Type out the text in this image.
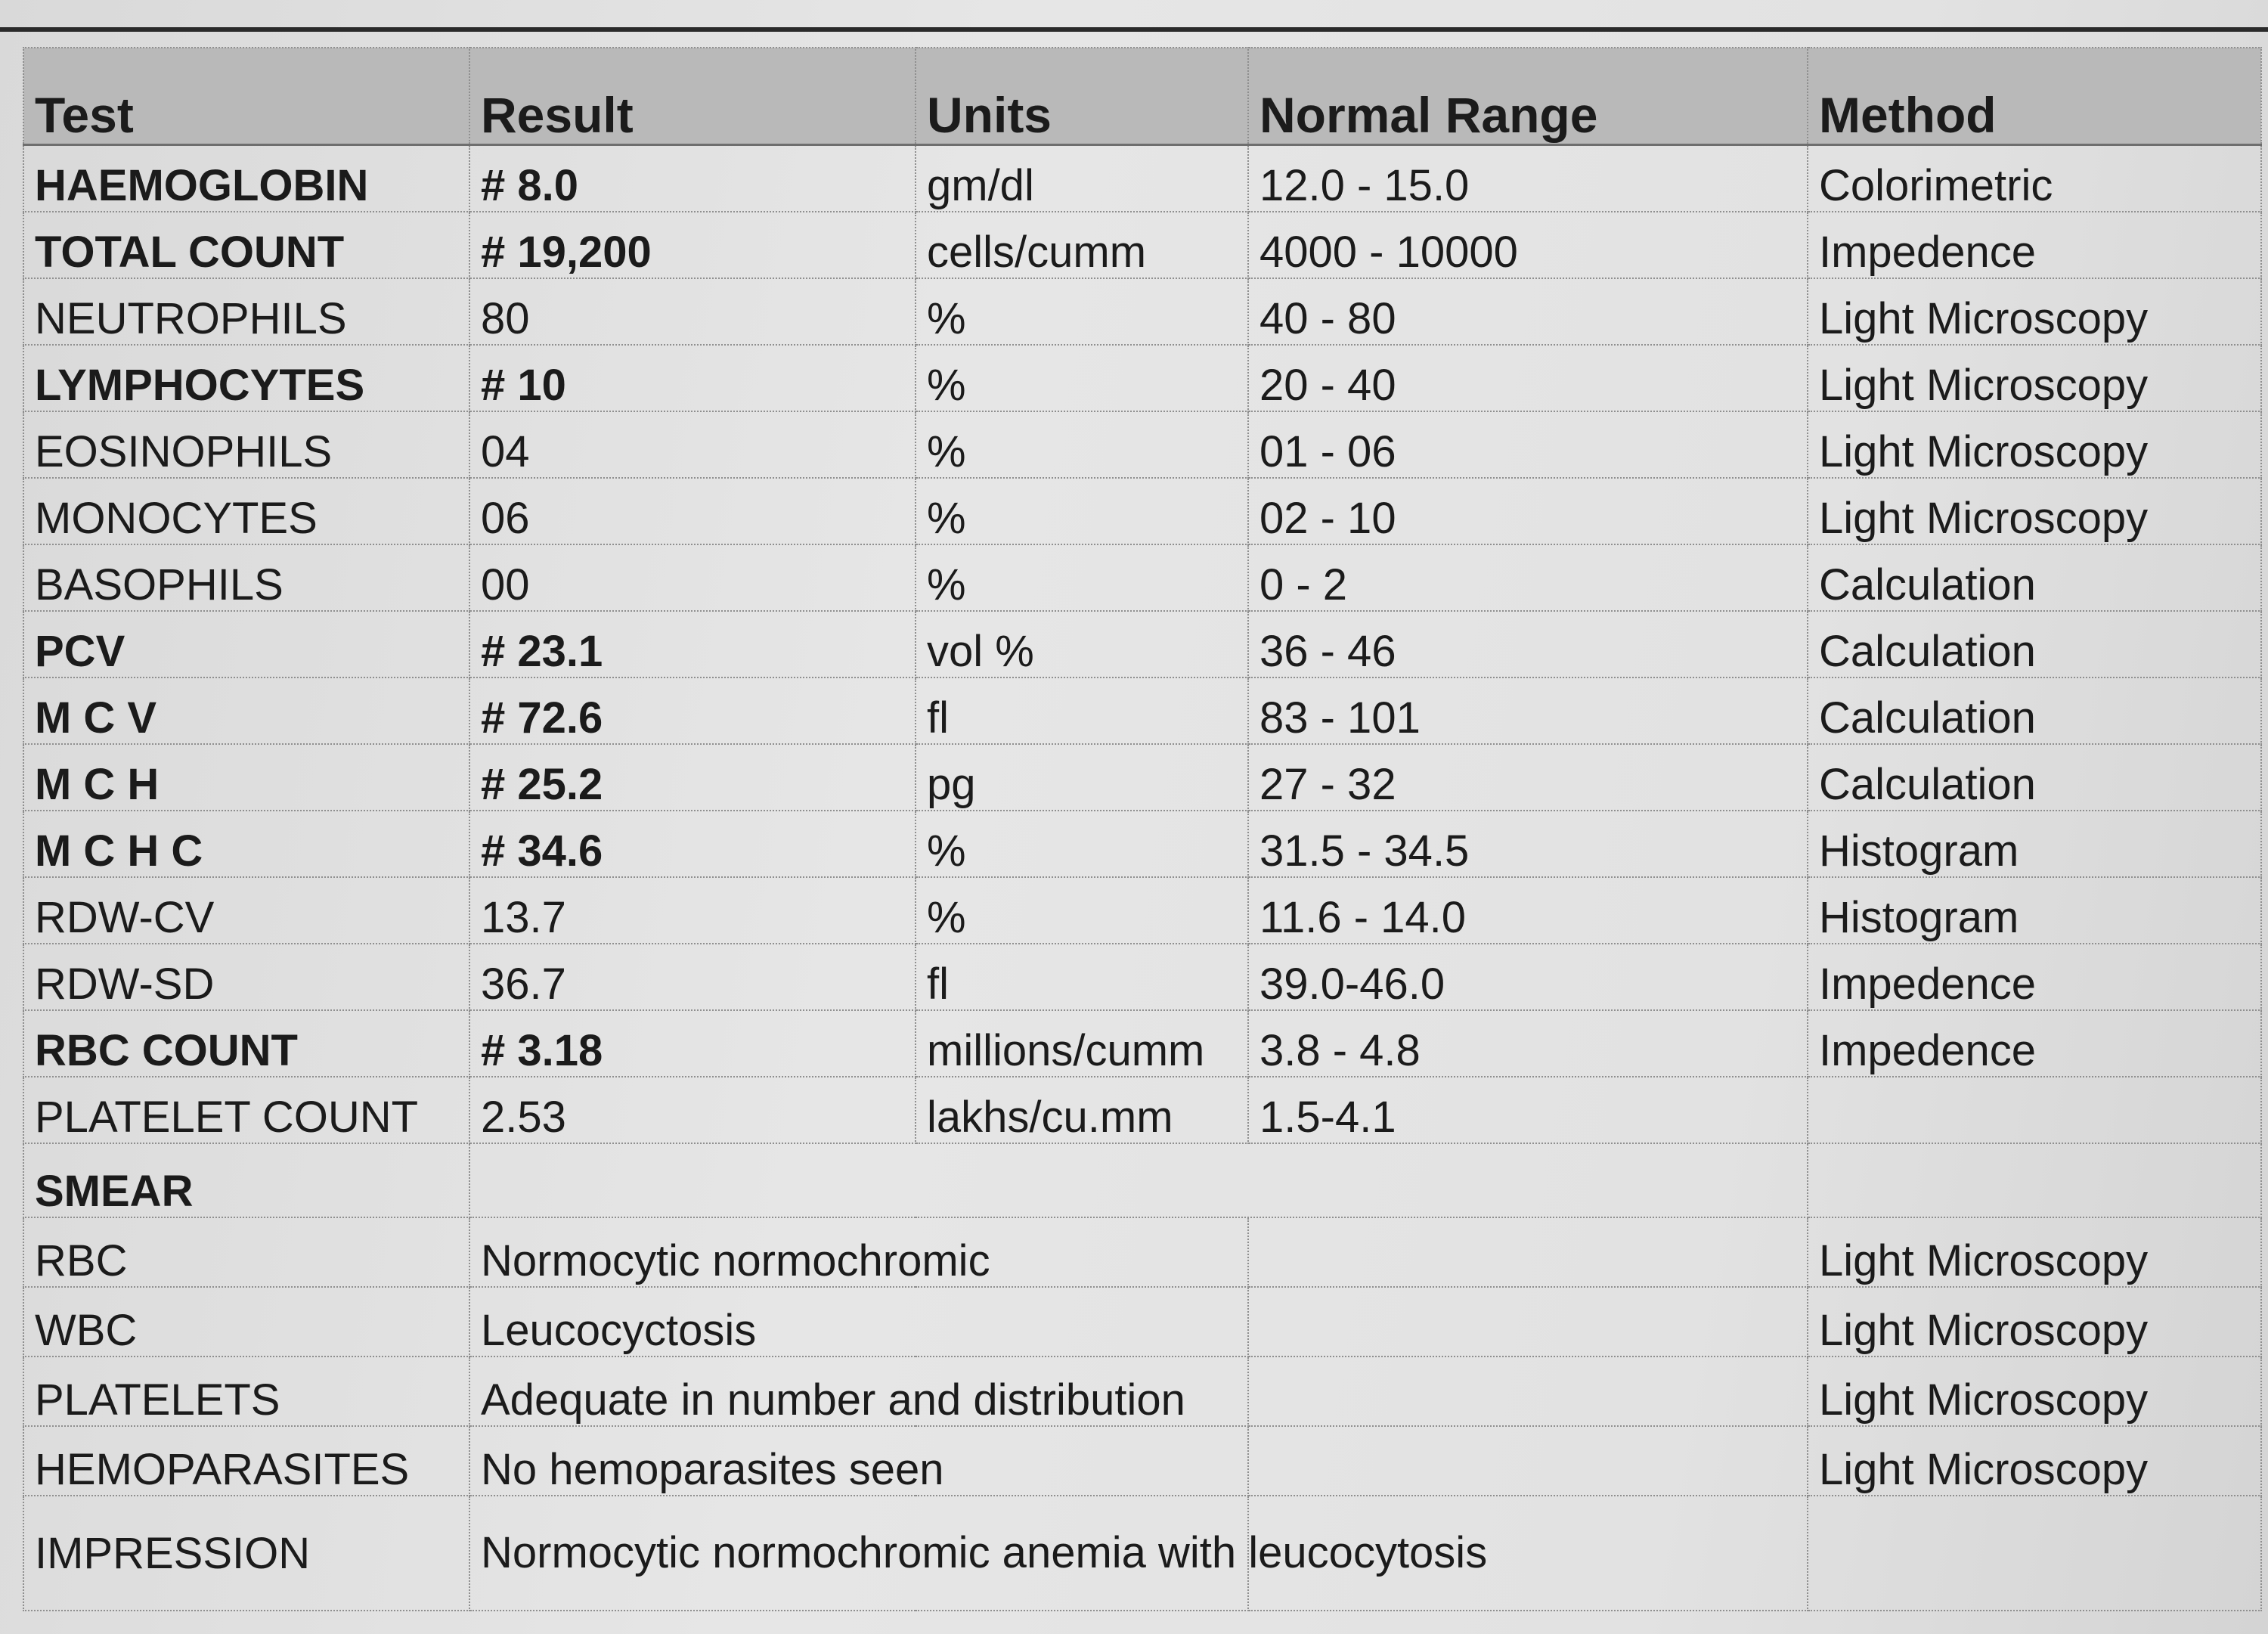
Test	Result	Units	Normal Range	Method
HAEMOGLOBIN	# 8.0	gm/dl	12.0 - 15.0	Colorimetric
TOTAL COUNT	# 19,200	cells/cumm	4000 - 10000	Impedence
NEUTROPHILS	80	%	40 - 80	Light Microscopy
LYMPHOCYTES	# 10	%	20 - 40	Light Microscopy
EOSINOPHILS	04	%	01 - 06	Light Microscopy
MONOCYTES	06	%	02 - 10	Light Microscopy
BASOPHILS	00	%	0 - 2	Calculation
PCV	# 23.1	vol %	36 - 46	Calculation
M C V	# 72.6	fl	83 - 101	Calculation
M C H	# 25.2	pg	27 - 32	Calculation
M C H C	# 34.6	%	31.5 - 34.5	Histogram
RDW-CV	13.7	%	11.6 - 14.0	Histogram
RDW-SD	36.7	fl	39.0-46.0	Impedence
RBC COUNT	# 3.18	millions/cumm	3.8 - 4.8	Impedence
PLATELET COUNT	2.53	lakhs/cu.mm	1.5-4.1	
SMEAR				
RBC	Normocytic normochromic			Light Microscopy
WBC	Leucocyctosis			Light Microscopy
PLATELETS	Adequate in number and distribution			Light Microscopy
HEMOPARASITES	No hemoparasites seen			Light Microscopy
IMPRESSION	Normocytic normochromic anemia with leucocytosis			
